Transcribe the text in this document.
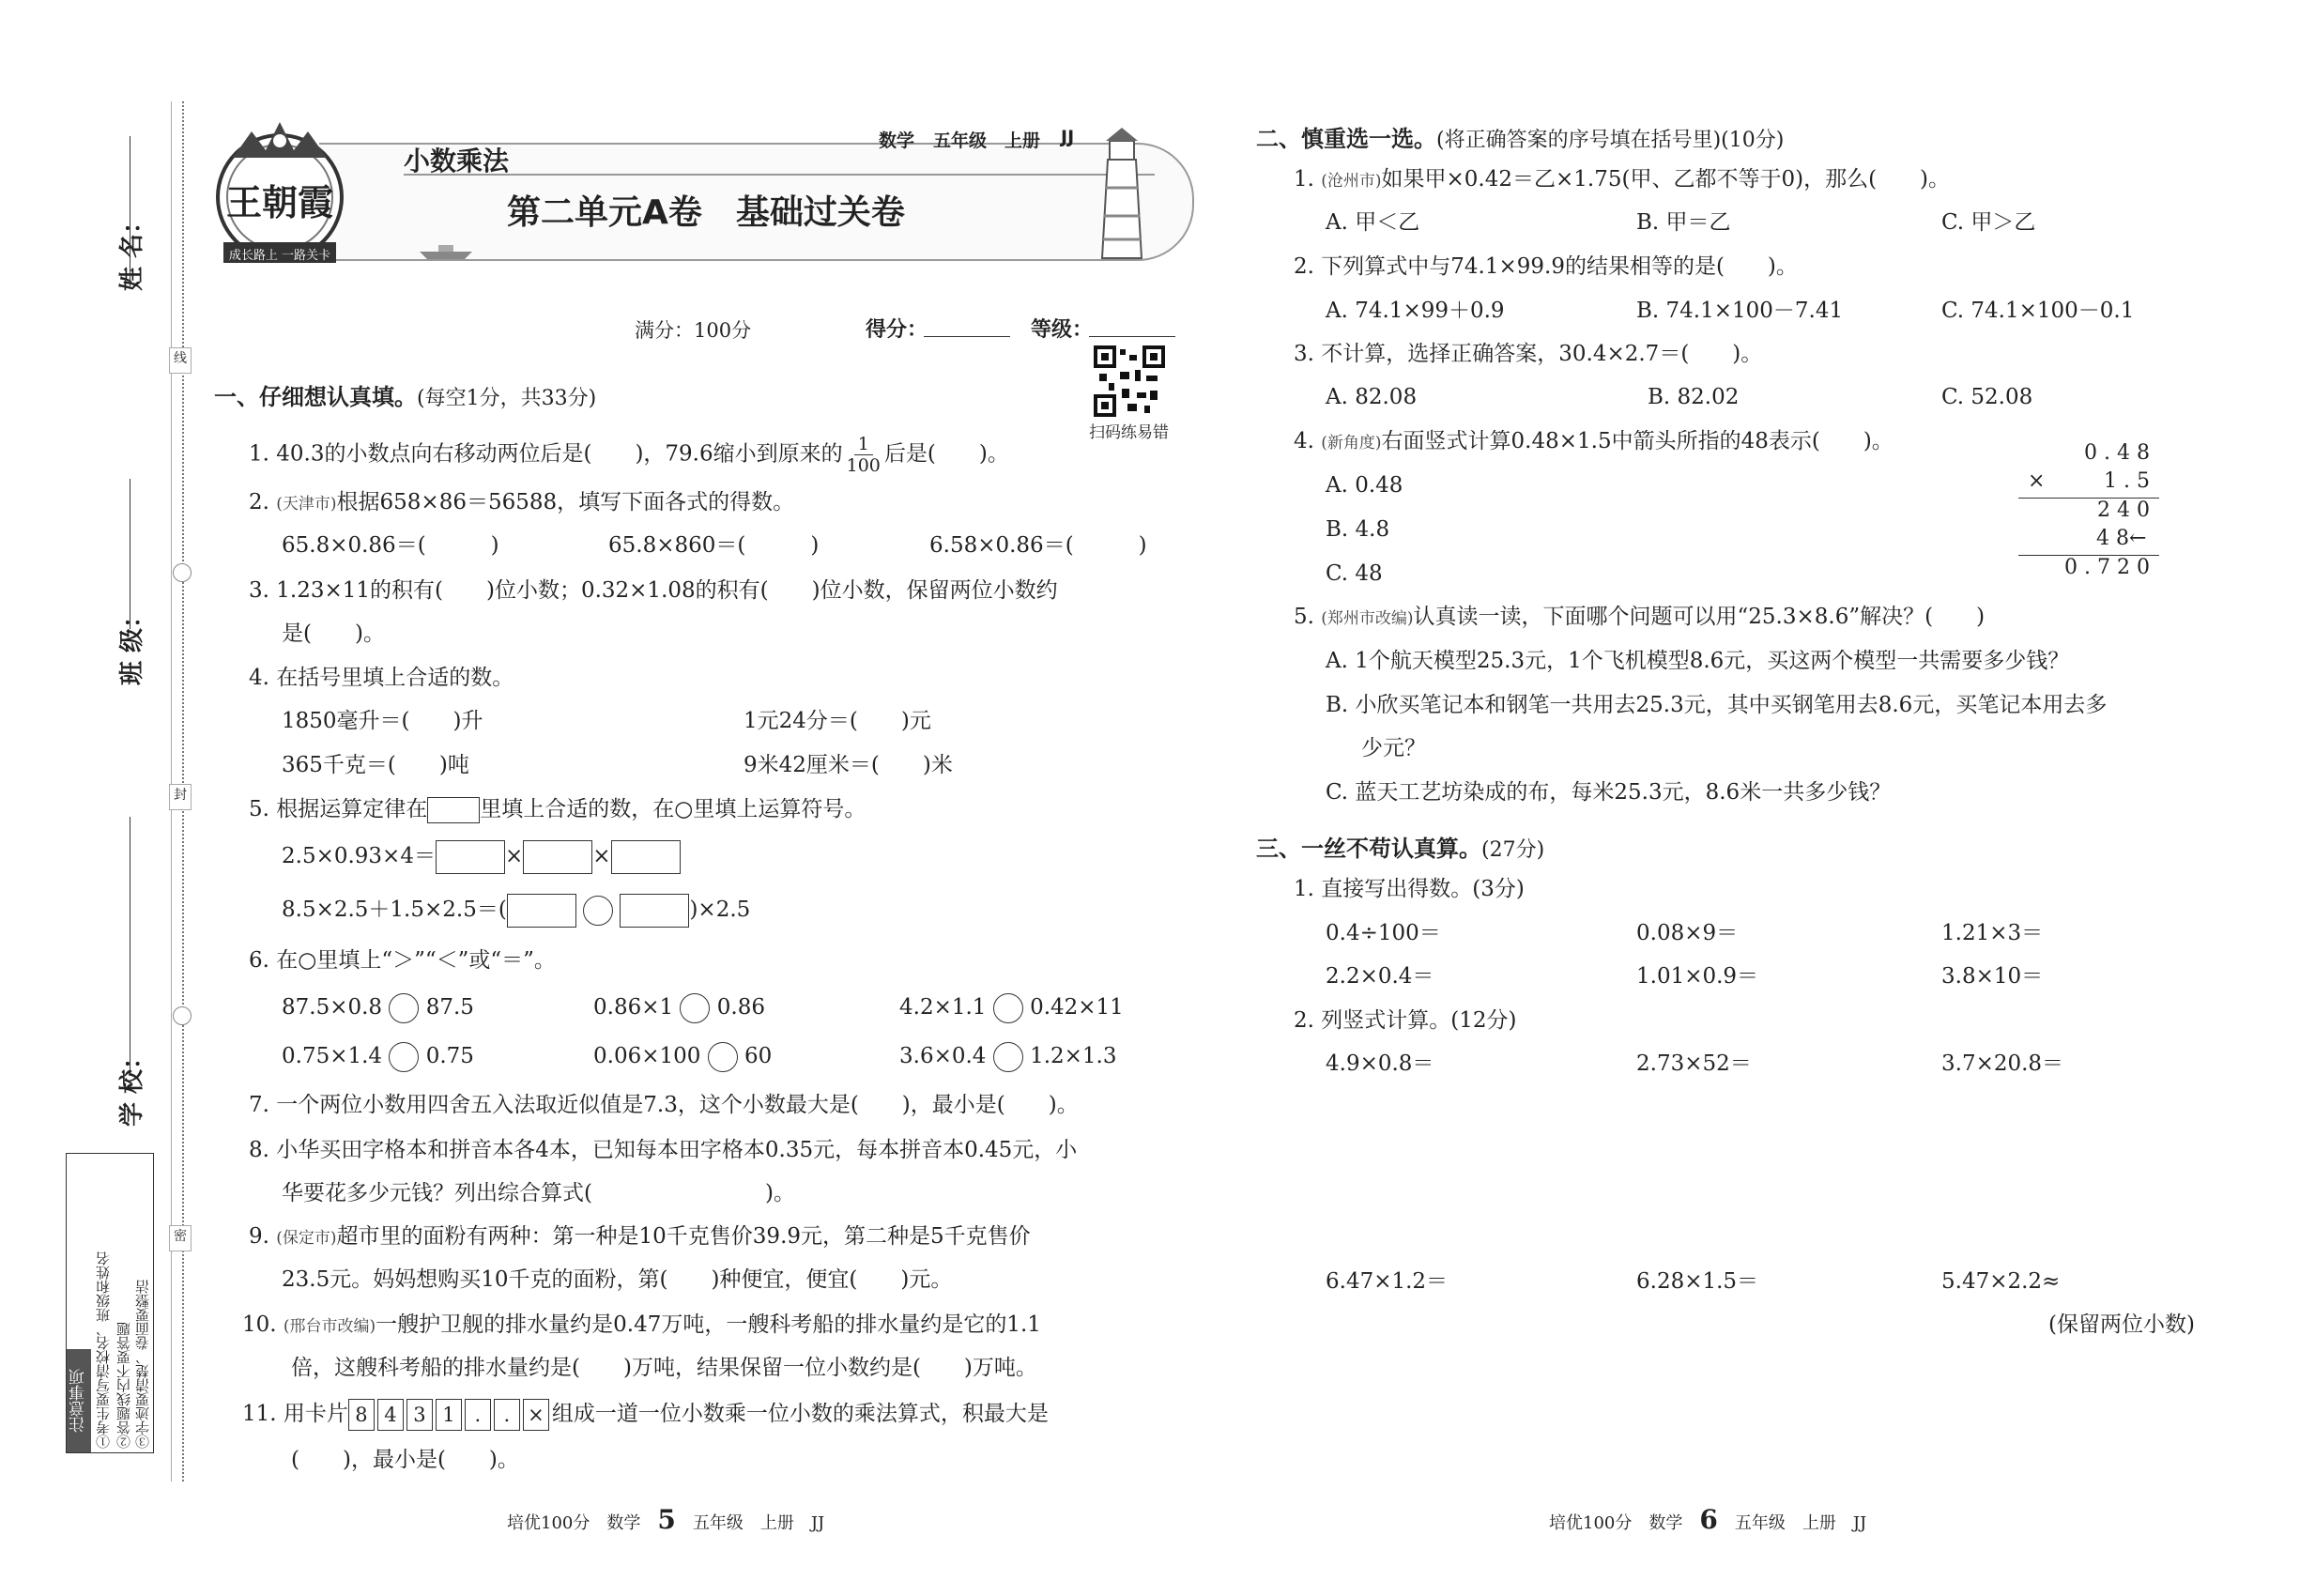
姓 名：
班 级：
学 校：
线
封
密
注意事项 ①考生要写清校名、班级和姓名 ②答题线内不要答题 ③字迹要清楚、卷面要整洁
王朝霞
成长路上 一路关卡
小数乘法
数学 五年级 上册 JJ
第二单元A卷　基础过关卷
满分：100分	得分：	等级：
扫码练易错
一、仔细想认真填。(每空1分，共33分)
1. 40.3的小数点向右移动两位后是(　　)，79.6缩小到原来的 $\frac{1}{100}$ 后是(　　)。
2. (天津市)根据658×86＝56588，填写下面各式的得数。
65.8×0.86＝(　　　)	65.8×860＝(　　　)	6.58×0.86＝(　　　)
3. 1.23×11的积有(　　)位小数；0.32×1.08的积有(　　)位小数，保留两位小数约
是(　　)。
4. 在括号里填上合适的数。
1850毫升＝(　　)升	1元24分＝(　　)元
365千克＝(　　)吨	9米42厘米＝(　　)米
5. 根据运算定律在 里填上合适的数，在○里填上运算符号。
2.5×0.93×4＝	×	×
8.5×2.5＋1.5×2.5＝(	)×2.5
6. 在○里填上“＞”“＜”或“＝”。
87.5×0.8 87.5	0.86×1 0.86	4.2×1.1 0.42×11
0.75×1.4 0.75	0.06×100 60	3.6×0.4 1.2×1.3
7. 一个两位小数用四舍五入法取近似值是7.3，这个小数最大是(　　)，最小是(　　)。
8. 小华买田字格本和拼音本各4本，已知每本田字格本0.35元，每本拼音本0.45元，小
华要花多少元钱？列出综合算式(　　　　　　　　)。
9. (保定市)超市里的面粉有两种：第一种是10千克售价39.9元，第二种是5千克售价
23.5元。妈妈想购买10千克的面粉，第(　　)种便宜，便宜(　　)元。
10. (邢台市改编)一艘护卫舰的排水量约是0.47万吨，一艘科考船的排水量约是它的1.1
倍，这艘科考船的排水量约是(　　)万吨，结果保留一位小数约是(　　)万吨。
11. 用卡片 8 4 3 1 . . × 组成一道一位小数乘一位小数的乘法算式，积最大是
(　　)，最小是(　　)。
二、慎重选一选。(将正确答案的序号填在括号里)(10分)
1. (沧州市)如果甲×0.42＝乙×1.75(甲、乙都不等于0)，那么(　　)。
A. 甲＜乙	B. 甲＝乙	C. 甲＞乙
2. 下列算式中与74.1×99.9的结果相等的是(　　)。
A. 74.1×99＋0.9	B. 74.1×100－7.41	C. 74.1×100－0.1
3. 不计算，选择正确答案，30.4×2.7＝(　　)。
A. 82.08	B. 82.02	C. 52.08
4. (新角度)右面竖式计算0.48×1.5中箭头所指的48表示(　　)。
A. 0.48
B. 4.8
C. 48
0 . 4 8
×	1 . 5
2 4 0
4 8 ←
0 . 7 2 0
5. (郑州市改编)认真读一读，下面哪个问题可以用“25.3×8.6”解决？(　　)
A. 1个航天模型25.3元，1个飞机模型8.6元，买这两个模型一共需要多少钱？
B. 小欣买笔记本和钢笔一共用去25.3元，其中买钢笔用去8.6元，买笔记本用去多
少元？
C. 蓝天工艺坊染成的布，每米25.3元，8.6米一共多少钱？
三、一丝不苟认真算。(27分)
1. 直接写出得数。(3分)
0.4÷100＝	0.08×9＝	1.21×3＝
2.2×0.4＝	1.01×0.9＝	3.8×10＝
2. 列竖式计算。(12分)
4.9×0.8＝	2.73×52＝	3.7×20.8＝
6.47×1.2＝	6.28×1.5＝	5.47×2.2≈
(保留两位小数)
培优100分　 数学　 5　 五年级　 上册　 JJ	培优100分　 数学　 6　 五年级　 上册　 JJ
